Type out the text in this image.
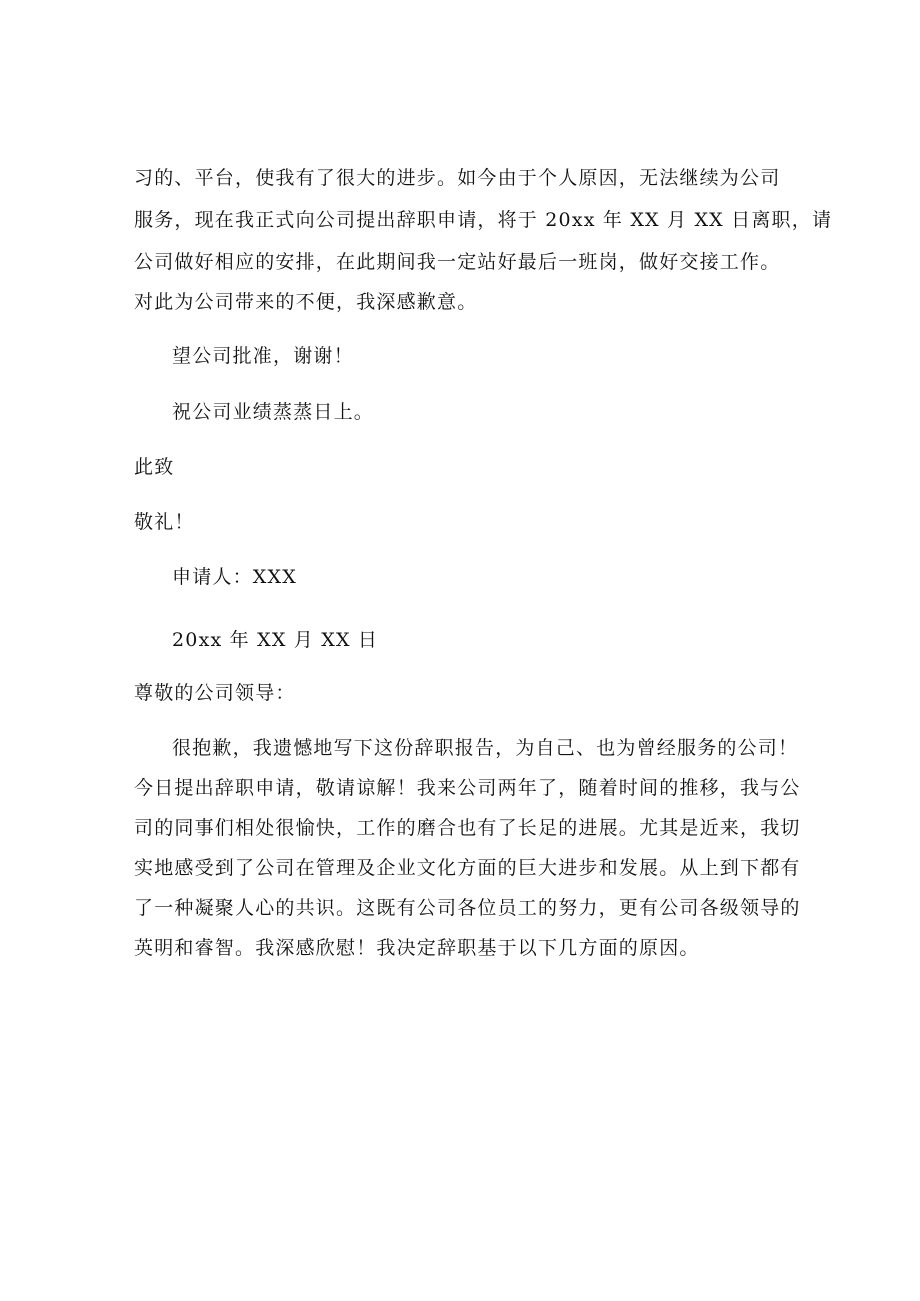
习的、平台，使我有了很大的进步。如今由于个人原因，无法继续为公司
服务，现在我正式向公司提出辞职申请，将于 20xx 年 XX 月 XX 日离职，请
公司做好相应的安排，在此期间我一定站好最后一班岗，做好交接工作。
对此为公司带来的不便，我深感歉意。
望公司批准，谢谢！
祝公司业绩蒸蒸日上。
此致
敬礼！
申请人：XXX
20xx 年 XX 月 XX 日
尊敬的公司领导：
很抱歉，我遗憾地写下这份辞职报告，为自己、也为曾经服务的公司！
今日提出辞职申请，敬请谅解！我来公司两年了，随着时间的推移，我与公
司的同事们相处很愉快，工作的磨合也有了长足的进展。尤其是近来，我切
实地感受到了公司在管理及企业文化方面的巨大进步和发展。从上到下都有
了一种凝聚人心的共识。这既有公司各位员工的努力，更有公司各级领导的
英明和睿智。我深感欣慰！我决定辞职基于以下几方面的原因。
